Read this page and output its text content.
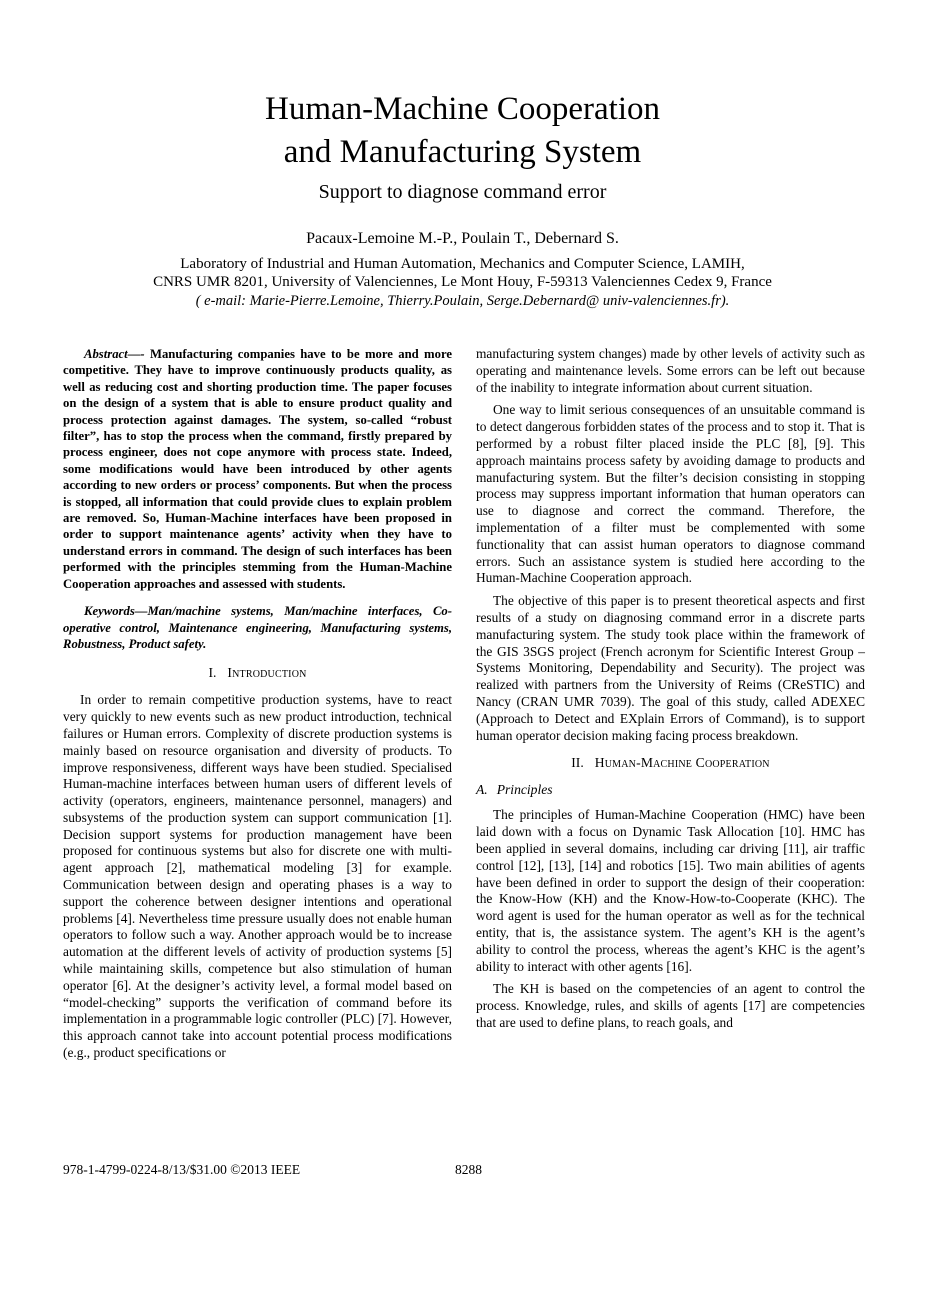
Human-Machine Cooperation
and Manufacturing System
Support to diagnose command error
Pacaux-Lemoine M.-P., Poulain T., Debernard S.
Laboratory of Industrial and Human Automation, Mechanics and Computer Science, LAMIH,
CNRS UMR 8201, University of Valenciennes, Le Mont Houy, F-59313 Valenciennes Cedex 9, France
( e-mail: Marie-Pierre.Lemoine, Thierry.Poulain, Serge.Debernard@ univ-valenciennes.fr).

Abstract—- Manufacturing companies have to be more and more competitive. They have to improve continuously products quality, as well as reducing cost and shorting production time. The paper focuses on the design of a system that is able to ensure product quality and process protection against damages. The system, so-called “robust filter”, has to stop the process when the command, firstly prepared by process engineer, does not cope anymore with process state. Indeed, some modifications would have been introduced by other agents according to new orders or process’ components. But when the process is stopped, all information that could provide clues to explain problem are removed. So, Human-Machine interfaces have been proposed in order to support maintenance agents’ activity when they have to understand errors in command. The design of such interfaces has been performed with the principles stemming from the Human-Machine Cooperation approaches and assessed with students.

Keywords—Man/machine systems, Man/machine interfaces, Co-operative control, Maintenance engineering, Manufacturing systems, Robustness, Product safety.

I. Introduction

In order to remain competitive production systems, have to react very quickly to new events such as new product introduction, technical failures or Human errors. Complexity of discrete production systems is mainly based on resource organisation and diversity of products. To improve responsiveness, different ways have been studied. Specialised Human-machine interfaces between human users of different levels of activity (operators, engineers, maintenance personnel, managers) and subsystems of the production system can support communication [1]. Decision support systems for production management have been proposed for continuous systems but also for discrete one with multi-agent approach [2], mathematical modeling [3] for example. Communication between design and operating phases is a way to support the coherence between designer intentions and operational problems [4]. Nevertheless time pressure usually does not enable human operators to follow such a way. Another approach would be to increase automation at the different levels of activity of production systems [5] while maintaining skills, competence but also stimulation of human operator [6]. At the designer’s activity level, a formal model based on “model-checking” supports the verification of command before its implementation in a programmable logic controller (PLC) [7]. However, this approach cannot take into account potential process modifications (e.g., product specifications or

manufacturing system changes) made by other levels of activity such as operating and maintenance levels. Some errors can be left out because of the inability to integrate information about current situation.

One way to limit serious consequences of an unsuitable command is to detect dangerous forbidden states of the process and to stop it. That is performed by a robust filter placed inside the PLC [8], [9]. This approach maintains process safety by avoiding damage to products and manufacturing system. But the filter’s decision consisting in stopping process may suppress important information that human operators can use to diagnose and correct the command. Therefore, the implementation of a filter must be complemented with some functionality that can assist human operators to diagnose command errors. Such an assistance system is studied here according to the Human-Machine Cooperation approach.

The objective of this paper is to present theoretical aspects and first results of a study on diagnosing command error in a discrete parts manufacturing system. The study took place within the framework of the GIS 3SGS project (French acronym for Scientific Interest Group – Systems Monitoring, Dependability and Security). The project was realized with partners from the University of Reims (CReSTIC) and Nancy (CRAN UMR 7039). The goal of this study, called ADEXEC (Approach to Detect and EXplain Errors of Command), is to support human operator decision making facing process breakdown.

II. Human-Machine Cooperation
A. Principles

The principles of Human-Machine Cooperation (HMC) have been laid down with a focus on Dynamic Task Allocation [10]. HMC has been applied in several domains, including car driving [11], air traffic control [12], [13], [14] and robotics [15]. Two main abilities of agents have been defined in order to support the design of their cooperation: the Know-How (KH) and the Know-How-to-Cooperate (KHC). The word agent is used for the human operator as well as for the technical entity, that is, the assistance system. The agent’s KH is the agent’s ability to control the process, whereas the agent’s KHC is the agent’s ability to interact with other agents [16].

The KH is based on the competencies of an agent to control the process. Knowledge, rules, and skills of agents [17] are competencies that are used to define plans, to reach goals, and

978-1-4799-0224-8/13/$31.00 ©2013 IEEE	8288
